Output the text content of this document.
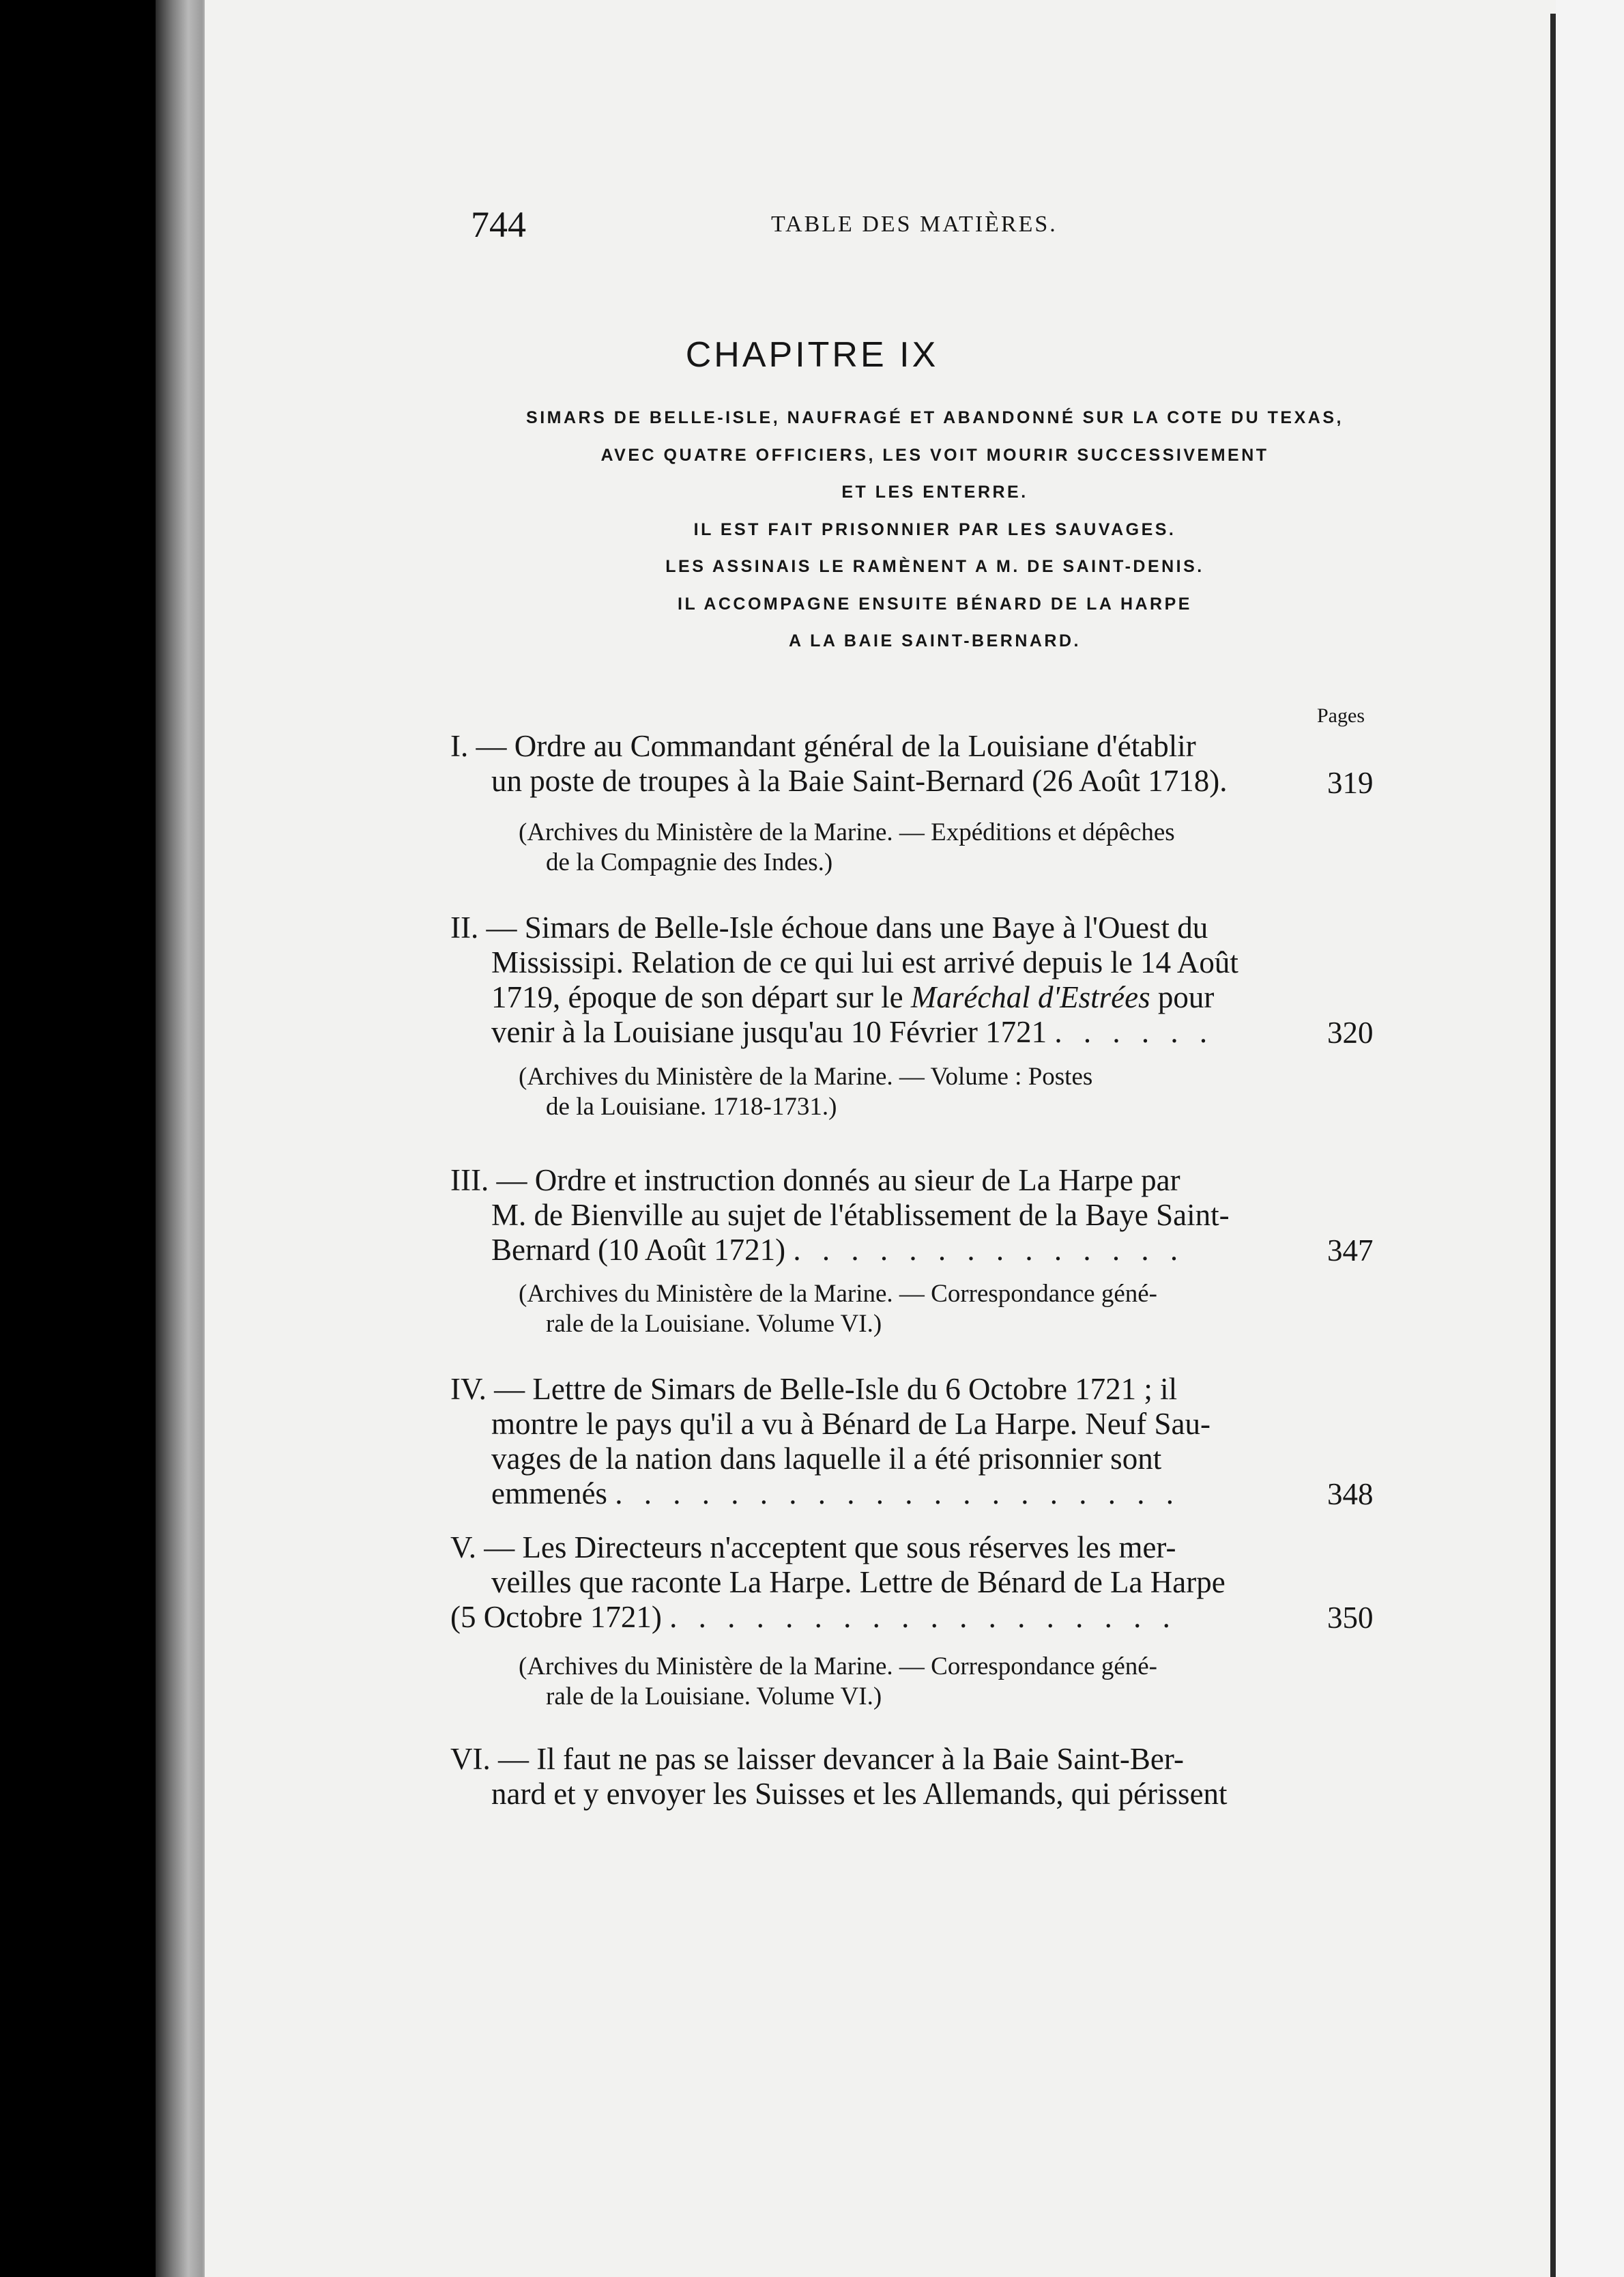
744	TABLE DES MATIÈRES.
CHAPITRE IX
SIMARS DE BELLE-ISLE, NAUFRAGÉ ET ABANDONNÉ SUR LA COTE DU TEXAS,
AVEC QUATRE OFFICIERS, LES VOIT MOURIR SUCCESSIVEMENT
ET LES ENTERRE.
IL EST FAIT PRISONNIER PAR LES SAUVAGES.
LES ASSINAIS LE RAMÈNENT A M. DE SAINT-DENIS.
IL ACCOMPAGNE ENSUITE BÉNARD DE LA HARPE
A LA BAIE SAINT-BERNARD.
Pages
I. — Ordre au Commandant général de la Louisiane d'établir
un poste de troupes à la Baie Saint-Bernard (26 Août 1718).	319
(Archives du Ministère de la Marine. — Expéditions et dépêches
de la Compagnie des Indes.)
II. — Simars de Belle-Isle échoue dans une Baye à l'Ouest du
Mississipi. Relation de ce qui lui est arrivé depuis le 14 Août
1719, époque de son départ sur le Maréchal d'Estrées pour
venir à la Louisiane jusqu'au 10 Février 1721 . . . . . .	320
(Archives du Ministère de la Marine. — Volume : Postes
de la Louisiane. 1718-1731.)
III. — Ordre et instruction donnés au sieur de La Harpe par
M. de Bienville au sujet de l'établissement de la Baye Saint-
Bernard (10 Août 1721) . . . . . . . . . . . . . .	347
(Archives du Ministère de la Marine. — Correspondance géné-
rale de la Louisiane. Volume VI.)
IV. — Lettre de Simars de Belle-Isle du 6 Octobre 1721 ; il
montre le pays qu'il a vu à Bénard de La Harpe. Neuf Sau-
vages de la nation dans laquelle il a été prisonnier sont
emmenés . . . . . . . . . . . . . . . . . . . .	348
V. — Les Directeurs n'acceptent que sous réserves les mer-
veilles que raconte La Harpe. Lettre de Bénard de La Harpe
(5 Octobre 1721) . . . . . . . . . . . . . . . . . .	350
(Archives du Ministère de la Marine. — Correspondance géné-
rale de la Louisiane. Volume VI.)
VI. — Il faut ne pas se laisser devancer à la Baie Saint-Ber-
nard et y envoyer les Suisses et les Allemands, qui périssent
